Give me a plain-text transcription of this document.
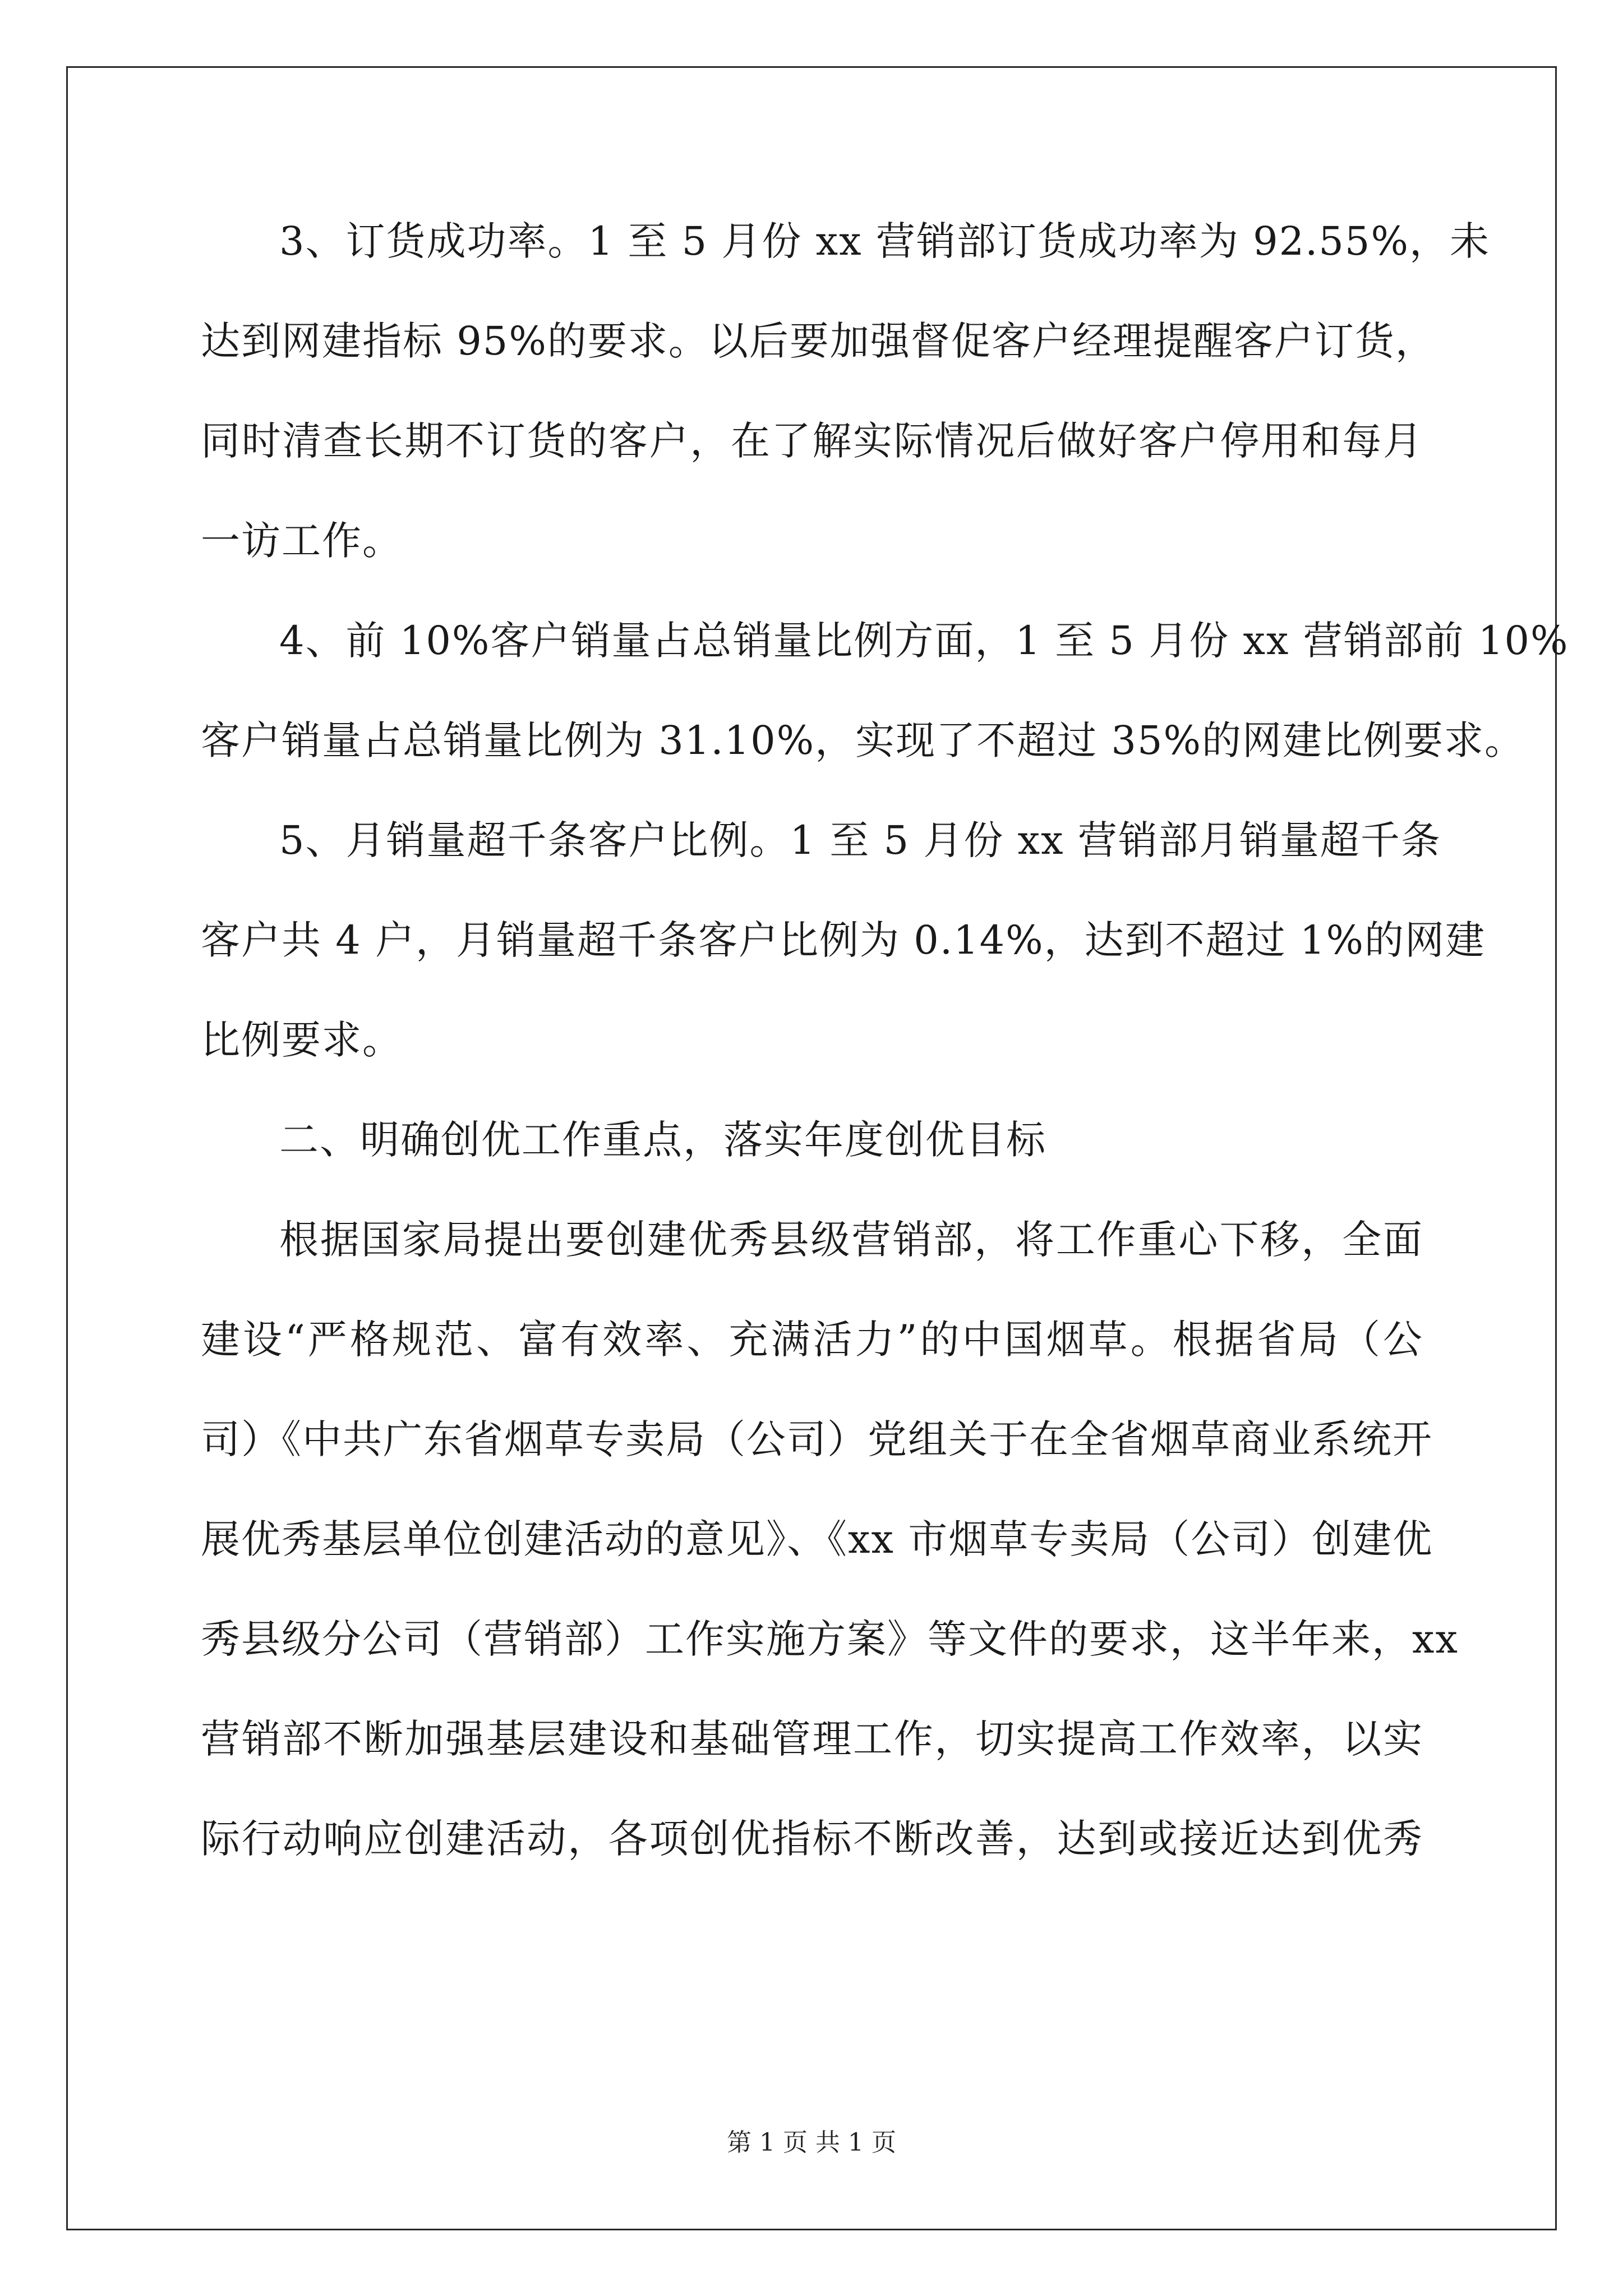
3、订货成功率。1 至 5 月份 xx 营销部订货成功率为 92.55%，未
达到网建指标 95%的要求。以后要加强督促客户经理提醒客户订货，
同时清查长期不订货的客户，在了解实际情况后做好客户停用和每月
一访工作。
4、前 10%客户销量占总销量比例方面，1 至 5 月份 xx 营销部前 10%
客户销量占总销量比例为 31.10%，实现了不超过 35%的网建比例要求。
5、月销量超千条客户比例。1 至 5 月份 xx 营销部月销量超千条
客户共 4 户，月销量超千条客户比例为 0.14%，达到不超过 1%的网建
比例要求。
二、明确创优工作重点，落实年度创优目标
根据国家局提出要创建优秀县级营销部，将工作重心下移，全面
建设“严格规范、富有效率、充满活力”的中国烟草。根据省局（公
司）《中共广东省烟草专卖局（公司）党组关于在全省烟草商业系统开
展优秀基层单位创建活动的意见》、《xx 市烟草专卖局（公司）创建优
秀县级分公司（营销部）工作实施方案》等文件的要求，这半年来，xx
营销部不断加强基层建设和基础管理工作，切实提高工作效率，以实
际行动响应创建活动，各项创优指标不断改善，达到或接近达到优秀
第 1 页 共 1 页
